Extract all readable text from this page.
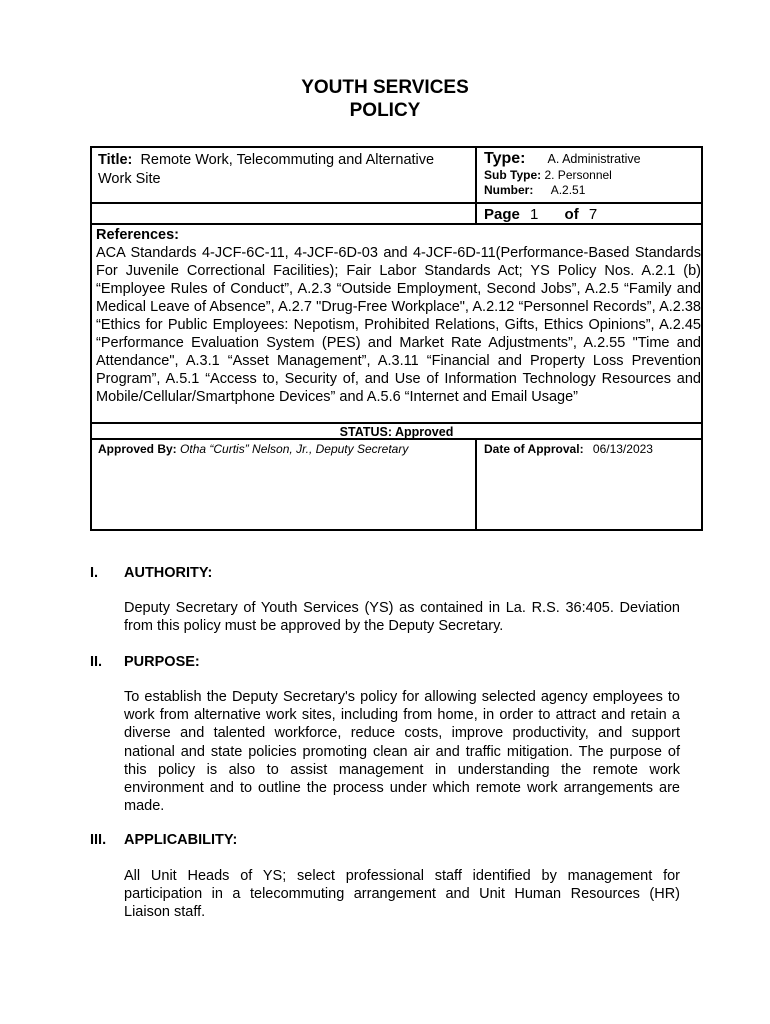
YOUTH SERVICES
POLICY
Title: Remote Work, Telecommuting and Alternative Work Site
Type: A. Administrative
Sub Type: 2. Personnel
Number: A.2.51
Page 1 of 7
References:
ACA Standards 4-JCF-6C-11, 4-JCF-6D-03 and 4-JCF-6D-11(Performance-Based Standards For Juvenile Correctional Facilities); Fair Labor Standards Act; YS Policy Nos. A.2.1 (b) “Employee Rules of Conduct”, A.2.3 “Outside Employment, Second Jobs”, A.2.5 “Family and Medical Leave of Absence”, A.2.7 "Drug-Free Workplace", A.2.12 “Personnel Records”, A.2.38 “Ethics for Public Employees: Nepotism, Prohibited Relations, Gifts, Ethics Opinions”, A.2.45 “Performance Evaluation System (PES) and Market Rate Adjustments”, A.2.55 "Time and Attendance", A.3.1 “Asset Management”, A.3.11 “Financial and Property Loss Prevention Program”, A.5.1 “Access to, Security of, and Use of Information Technology Resources and Mobile/Cellular/Smartphone Devices” and A.5.6 “Internet and Email Usage”
STATUS: Approved
Approved By: Otha “Curtis” Nelson, Jr., Deputy Secretary	Date of Approval: 06/13/2023
I. AUTHORITY:
Deputy Secretary of Youth Services (YS) as contained in La. R.S. 36:405. Deviation from this policy must be approved by the Deputy Secretary.
II. PURPOSE:
To establish the Deputy Secretary's policy for allowing selected agency employees to work from alternative work sites, including from home, in order to attract and retain a diverse and talented workforce, reduce costs, improve productivity, and support national and state policies promoting clean air and traffic mitigation. The purpose of this policy is also to assist management in understanding the remote work environment and to outline the process under which remote work arrangements are made.
III. APPLICABILITY:
All Unit Heads of YS; select professional staff identified by management for participation in a telecommuting arrangement and Unit Human Resources (HR) Liaison staff.
